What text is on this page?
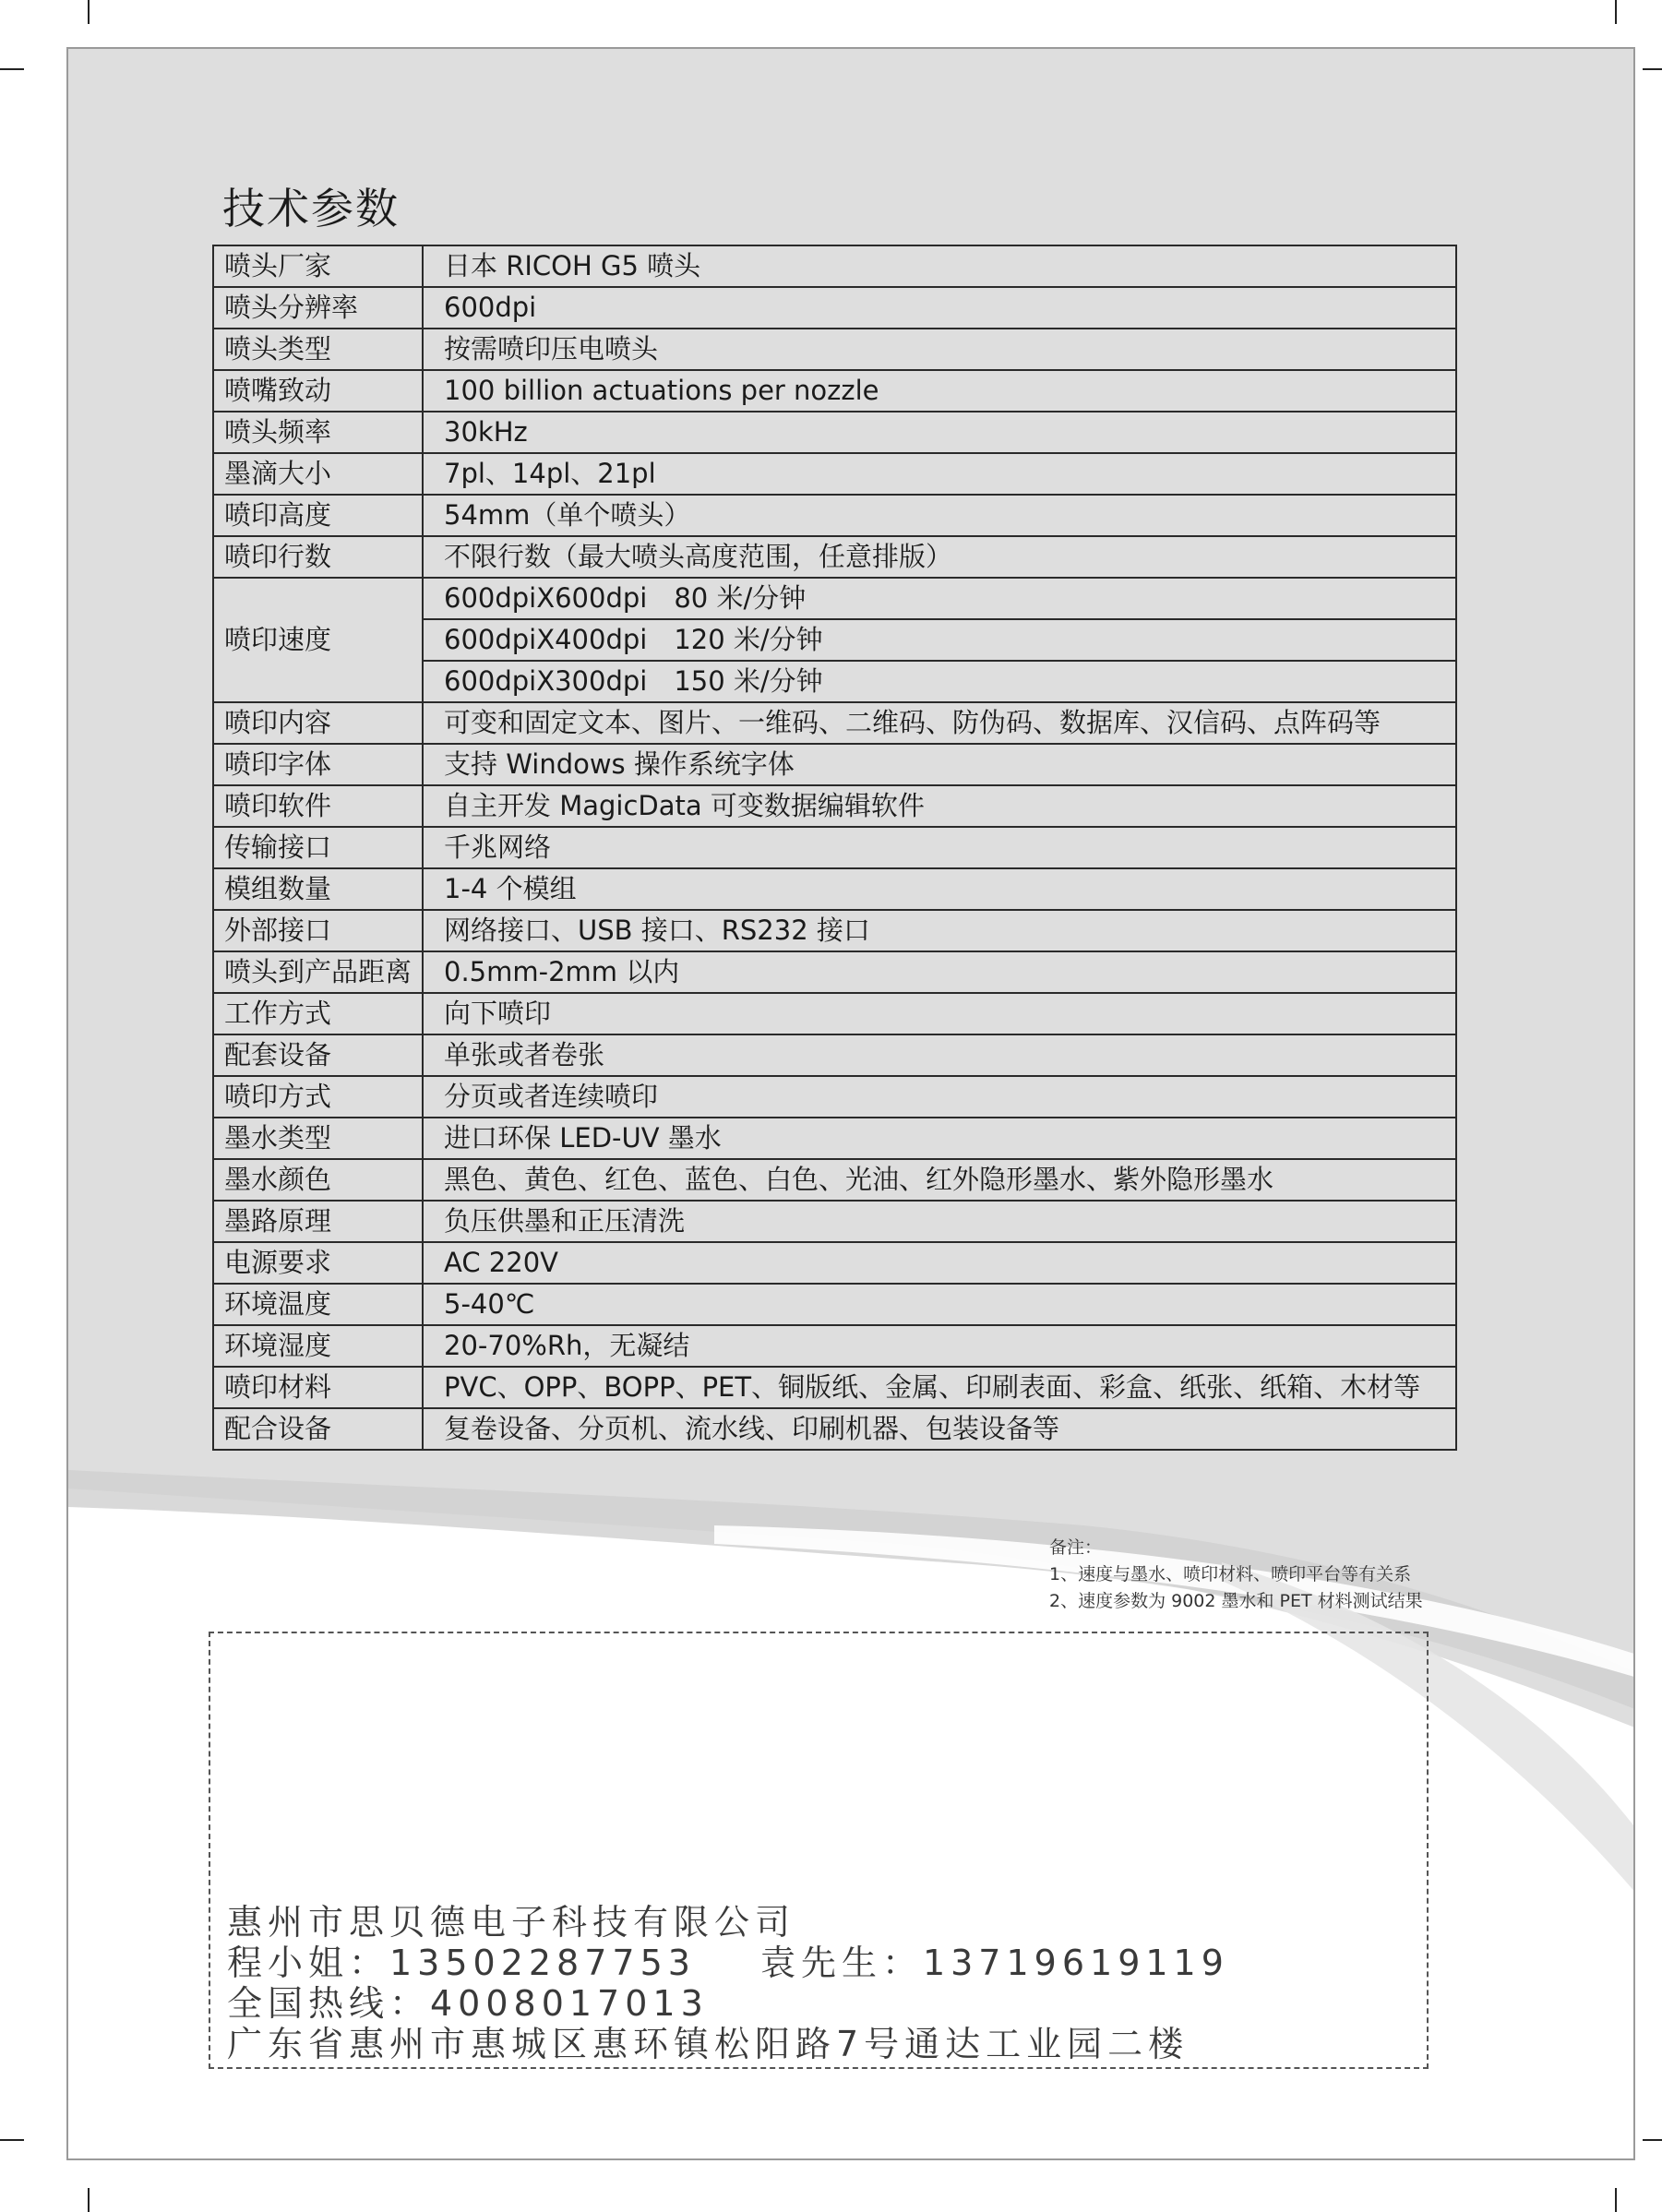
技术参数
喷头厂家	日本 RICOH G5 喷头
喷头分辨率	600dpi
喷头类型	按需喷印压电喷头
喷嘴致动	100 billion actuations per nozzle
喷头频率	30kHz
墨滴大小	7pl、14pl、21pl
喷印高度	54mm（单个喷头）
喷印行数	不限行数（最大喷头高度范围，任意排版）
喷印速度	600dpiX600dpi　80 米/分钟
	600dpiX400dpi　120 米/分钟
	600dpiX300dpi　150 米/分钟
喷印内容	可变和固定文本、图片、一维码、二维码、防伪码、数据库、汉信码、点阵码等
喷印字体	支持 Windows 操作系统字体
喷印软件	自主开发 MagicData 可变数据编辑软件
传输接口	千兆网络
模组数量	1-4 个模组
外部接口	网络接口、USB 接口、RS232 接口
喷头到产品距离	0.5mm-2mm 以内
工作方式	向下喷印
配套设备	单张或者卷张
喷印方式	分页或者连续喷印
墨水类型	进口环保 LED-UV 墨水
墨水颜色	黑色、黄色、红色、蓝色、白色、光油、红外隐形墨水、紫外隐形墨水
墨路原理	负压供墨和正压清洗
电源要求	AC 220V
环境温度	5-40℃
环境湿度	20-70%Rh，无凝结
喷印材料	PVC、OPP、BOPP、PET、铜版纸、金属、印刷表面、彩盒、纸张、纸箱、木材等
配合设备	复卷设备、分页机、流水线、印刷机器、包装设备等
备注：
1、速度与墨水、喷印材料、喷印平台等有关系
2、速度参数为 9002 墨水和 PET 材料测试结果
惠州市思贝德电子科技有限公司
程小姐：13502287753 袁先生：13719619119
全国热线：4008017013
广东省惠州市惠城区惠环镇松阳路7号通达工业园二楼
